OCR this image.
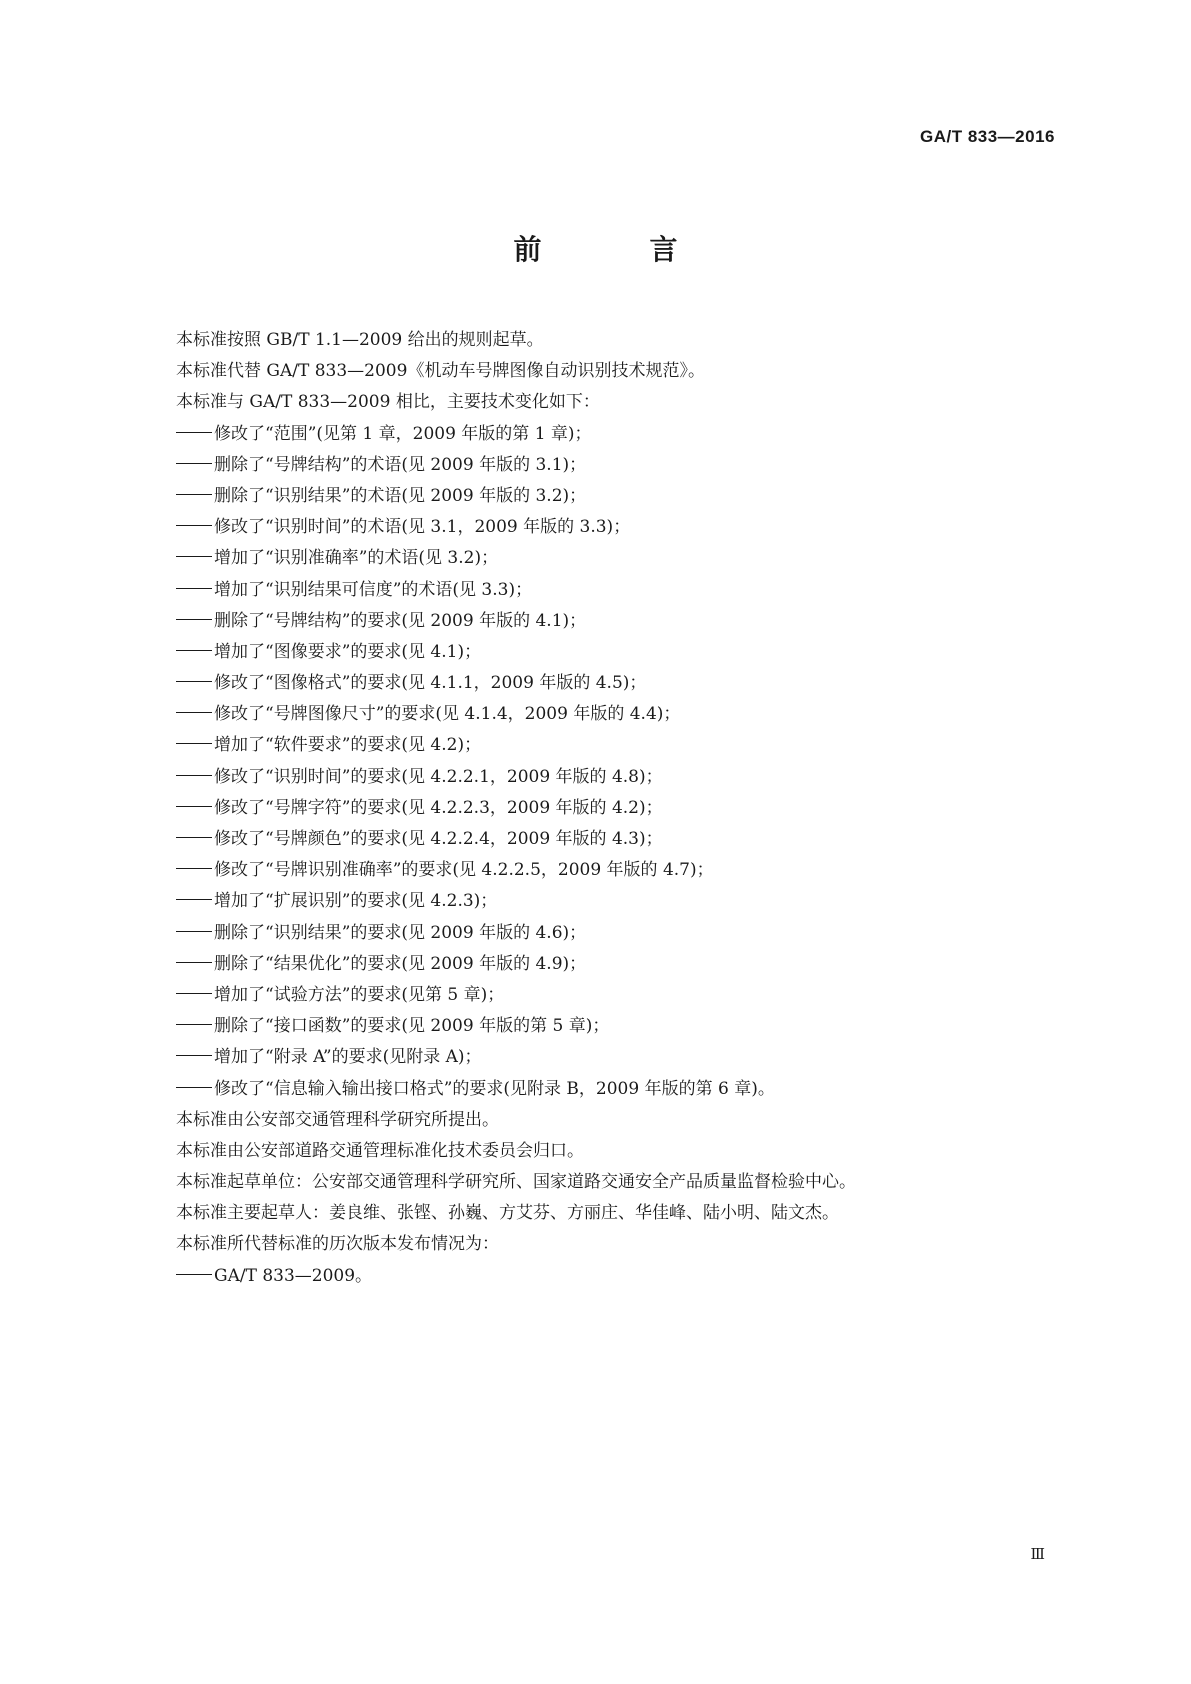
GA/T 833—2016
前　言
本标准按照 GB/T 1.1—2009 给出的规则起草。
本标准代替 GA/T 833—2009《机动车号牌图像自动识别技术规范》。
本标准与 GA/T 833—2009 相比，主要技术变化如下：
修改了“范围”(见第 1 章，2009 年版的第 1 章)；
删除了“号牌结构”的术语(见 2009 年版的 3.1)；
删除了“识别结果”的术语(见 2009 年版的 3.2)；
修改了“识别时间”的术语(见 3.1，2009 年版的 3.3)；
增加了“识别准确率”的术语(见 3.2)；
增加了“识别结果可信度”的术语(见 3.3)；
删除了“号牌结构”的要求(见 2009 年版的 4.1)；
增加了“图像要求”的要求(见 4.1)；
修改了“图像格式”的要求(见 4.1.1，2009 年版的 4.5)；
修改了“号牌图像尺寸”的要求(见 4.1.4，2009 年版的 4.4)；
增加了“软件要求”的要求(见 4.2)；
修改了“识别时间”的要求(见 4.2.2.1，2009 年版的 4.8)；
修改了“号牌字符”的要求(见 4.2.2.3，2009 年版的 4.2)；
修改了“号牌颜色”的要求(见 4.2.2.4，2009 年版的 4.3)；
修改了“号牌识别准确率”的要求(见 4.2.2.5，2009 年版的 4.7)；
增加了“扩展识别”的要求(见 4.2.3)；
删除了“识别结果”的要求(见 2009 年版的 4.6)；
删除了“结果优化”的要求(见 2009 年版的 4.9)；
增加了“试验方法”的要求(见第 5 章)；
删除了“接口函数”的要求(见 2009 年版的第 5 章)；
增加了“附录 A”的要求(见附录 A)；
修改了“信息输入输出接口格式”的要求(见附录 B，2009 年版的第 6 章)。
本标准由公安部交通管理科学研究所提出。
本标准由公安部道路交通管理标准化技术委员会归口。
本标准起草单位：公安部交通管理科学研究所、国家道路交通安全产品质量监督检验中心。
本标准主要起草人：姜良维、张铿、孙巍、方艾芬、方丽庄、华佳峰、陆小明、陆文杰。
本标准所代替标准的历次版本发布情况为：
GA/T 833—2009。
Ⅲ
